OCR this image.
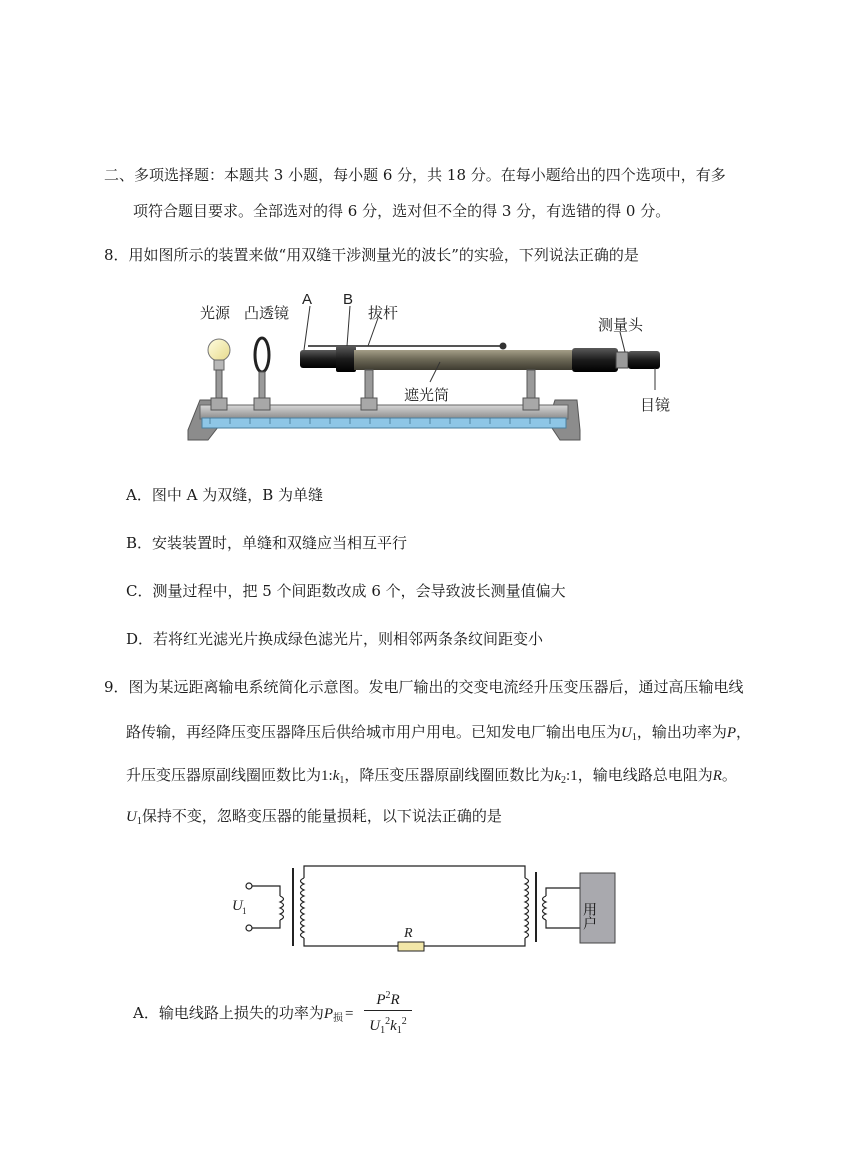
二、多项选择题：本题共 3 小题，每小题 6 分，共 18 分。在每小题给出的四个选项中，有多
项符合题目要求。全部选对的得 6 分，选对但不全的得 3 分，有选错的得 0 分。
8．用如图所示的装置来做“用双缝干涉测量光的波长”的实验，下列说法正确的是
光源 凸透镜
A B
拔杆
测量头
遮光筒
目镜
A．图中 A 为双缝，B 为单缝
B．安装装置时，单缝和双缝应当相互平行
C．测量过程中，把 5 个间距数改成 6 个，会导致波长测量值偏大
D．若将红光滤光片换成绿色滤光片，则相邻两条条纹间距变小
9．图为某远距离输电系统简化示意图。发电厂输出的交变电流经升压变压器后，通过高压输电线
路传输，再经降压变压器降压后供给城市用户用电。已知发电厂输出电压为$U_1$，输出功率为P，
升压变压器原副线圈匝数比为$1:k_1$，降压变压器原副线圈匝数比为$k_2:1$，输电线路总电阻为R。
$U_1$保持不变，忽略变压器的能量损耗，以下说法正确的是
U 1
R
用户
A．输电线路上损失的功率为$P_损$ =
$P^2R$
$U_1^2k_1^2$
